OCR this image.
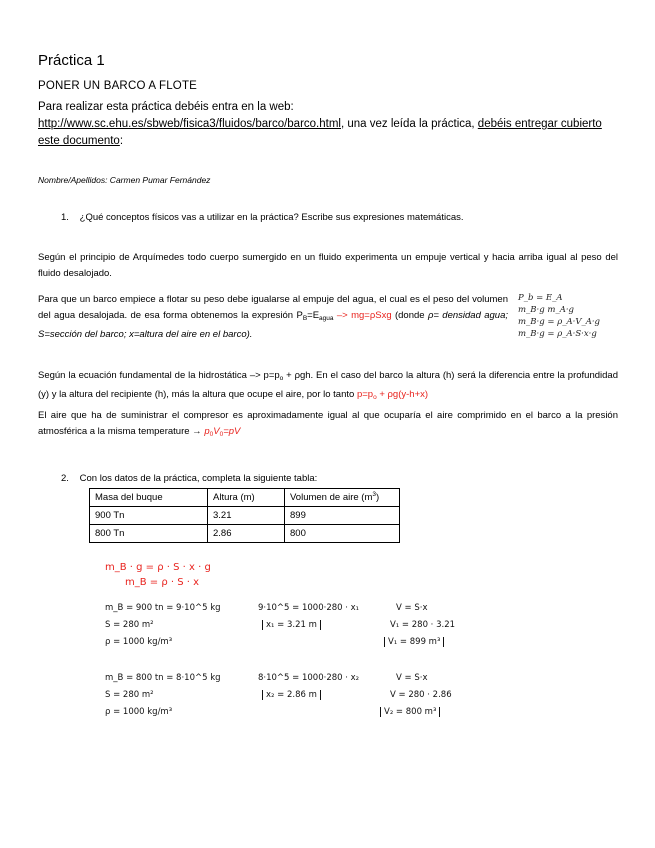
Práctica 1
PONER UN BARCO A FLOTE
Para realizar esta práctica debéis entra en la web:
http://www.sc.ehu.es/sbweb/fisica3/fluidos/barco/barco.html, una vez leída la práctica, debéis entregar cubierto este documento:
Nombre/Apellidos: Carmen Pumar Fernández
1. ¿Qué conceptos físicos vas a utilizar en la práctica? Escribe sus expresiones matemáticas.
Según el principio de Arquímedes todo cuerpo sumergido en un fluido experimenta un empuje vertical y hacia arriba igual al peso del fluido desalojado.
Para que un barco empiece a flotar su peso debe igualarse al empuje del agua, el cual es el peso del volumen del agua desalojada. de esa forma obtenemos la expresión $P_B=E_{agua} -> mg=\rho Sxg$ (donde ρ= densidad agua; S=sección del barco; x=altura del aire en el barco).
P_b = E_A
m_B·g m_A·g
m_B·g = ρ_A·V_A·g
m_B·g = ρ_A·S·x·g
Según la ecuación fundamental de la hidrostática –> $p=p_o + \rho gh$. En el caso del barco la altura (h) será la diferencia entre la profundidad (y) y la altura del recipiente (h), más la altura que ocupe el aire, por lo tanto $p=p_o + \rho g(y-h+x)$
El aire que ha de suministrar el compresor es aproximadamente igual al que ocuparía el aire comprimido en el barco a la presión atmosférica a la misma temperature → $p_0V_0=pV$
2. Con los datos de la práctica, completa la siguiente tabla:
Masa del buque	Altura (m)	Volumen de aire $(m^3)$
900 Tn	3.21	899
800 Tn	2.86	800
m_B · g = ρ · S · x · g
m_B = ρ · S · x
m_B = 900 tn = 9·10^5 kg
S = 280 m²
ρ = 1000 kg/m³
9·10^5 = 1000·280 · x₁
x₁ = 3.21 m
V = S·x
V₁ = 280 · 3.21
V₁ = 899 m³
m_B = 800 tn = 8·10^5 kg
S = 280 m²
ρ = 1000 kg/m³
8·10^5 = 1000·280 · x₂
x₂ = 2.86 m
V = S·x
V = 280 · 2.86
V₂ = 800 m³
